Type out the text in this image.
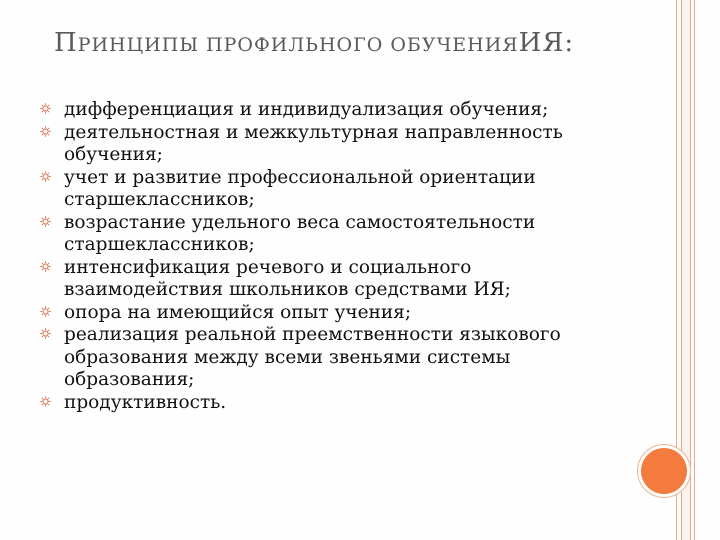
ПРИНЦИПЫ ПРОФИЛЬНОГО ОБУЧЕНИЯИЯ:
дифференциация и индивидуализация обучения;
деятельностная и межкультурная направленность обучения;
учет и развитие профессиональной ориентации старшеклассников;
возрастание удельного веса самостоятельности старшеклассников;
интенсификация речевого и социального взаимодействия школьников средствами ИЯ;
опора на имеющийся опыт учения;
реализация реальной преемственности языкового образования между всеми звеньями системы образования;
продуктивность.
